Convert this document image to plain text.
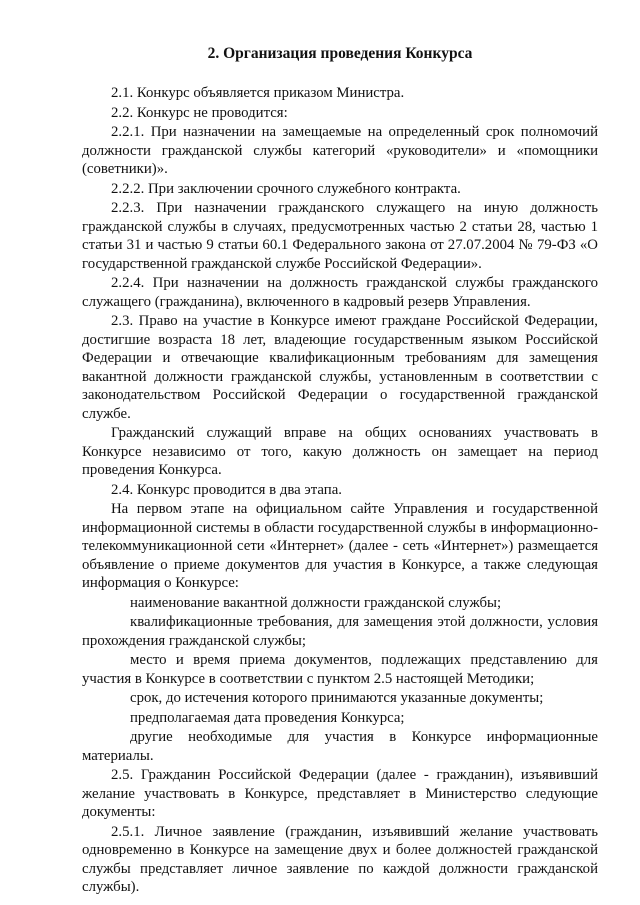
2. Организация проведения Конкурса
2.1. Конкурс объявляется приказом Министра.
2.2. Конкурс не проводится:
2.2.1. При назначении на замещаемые на определенный срок полномочий должности гражданской службы категорий «руководители» и «помощники (советники)».
2.2.2. При заключении срочного служебного контракта.
2.2.3. При назначении гражданского служащего на иную должность гражданской службы в случаях, предусмотренных частью 2 статьи 28, частью 1 статьи 31 и частью 9 статьи 60.1 Федерального закона от 27.07.2004 № 79-ФЗ «О государственной гражданской службе Российской Федерации».
2.2.4. При назначении на должность гражданской службы гражданского служащего (гражданина), включенного в кадровый резерв Управления.
2.3. Право на участие в Конкурсе имеют граждане Российской Федерации, достигшие возраста 18 лет, владеющие государственным языком Российской Федерации и отвечающие квалификационным требованиям для замещения вакантной должности гражданской службы, установленным в соответствии с законодательством Российской Федерации о государственной гражданской службе.
Гражданский служащий вправе на общих основаниях участвовать в Конкурсе независимо от того, какую должность он замещает на период проведения Конкурса.
2.4. Конкурс проводится в два этапа.
На первом этапе на официальном сайте Управления и государственной информационной системы в области государственной службы в информационно-телекоммуникационной сети «Интернет» (далее - сеть «Интернет») размещается объявление о приеме документов для участия в Конкурсе, а также следующая информация о Конкурсе:
наименование вакантной должности гражданской службы;
квалификационные требования, для замещения этой должности, условия прохождения гражданской службы;
место и время приема документов, подлежащих представлению для участия в Конкурсе в соответствии с пунктом 2.5 настоящей Методики;
срок, до истечения которого принимаются указанные документы;
предполагаемая дата проведения Конкурса;
другие необходимые для участия в Конкурсе информационные материалы.
2.5. Гражданин Российской Федерации (далее - гражданин), изъявивший желание участвовать в Конкурсе, представляет в Министерство следующие документы:
2.5.1. Личное заявление (гражданин, изъявивший желание участвовать одновременно в Конкурсе на замещение двух и более должностей гражданской службы представляет личное заявление по каждой должности гражданской службы).
